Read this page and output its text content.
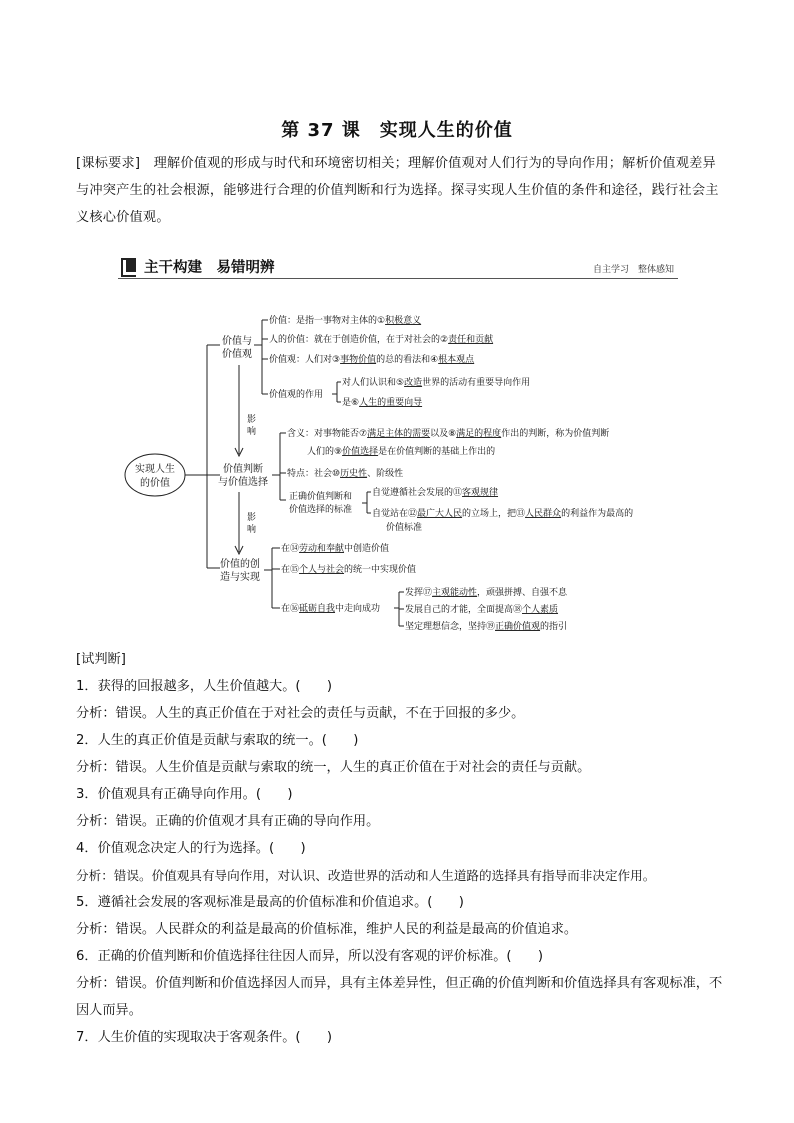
第 37 课　实现人生的价值
[课标要求]　理解价值观的形成与时代和环境密切相关；理解价值观对人们行为的导向作用；解析价值观差异与冲突产生的社会根源，能够进行合理的价值判断和行为选择。探寻实现人生价值的条件和途径，践行社会主义核心价值观。
主干构建　易错明辨	自主学习　整体感知
实现人生
的价值
价值与
价值观
价值：是指一事物对主体的①积极意义
人的价值：就在于创造价值，在于对社会的②责任和贡献
价值观：人们对③事物价值的总的看法和④根本观点
价值观的作用
对人们认识和⑤改造世界的活动有重要导向作用
是⑥人生的重要向导
影
响
价值判断
与价值选择
含义：对事物能否⑦满足主体的需要以及⑧满足的程度作出的判断，称为价值判断
人们的⑨价值选择是在价值判断的基础上作出的
特点：社会⑩历史性、阶级性
正确价值判断和
价值选择的标准
自觉遵循社会发展的⑪客观规律
自觉站在⑫最广大人民的立场上，把⑬人民群众的利益作为最高的
价值标准
影
响
价值的创
造与实现
在⑭劳动和奉献中创造价值
在⑮个人与社会的统一中实现价值
在⑯砥砺自我中走向成功
发挥⑰主观能动性，顽强拼搏、自强不息
发展自己的才能，全面提高⑱个人素质
坚定理想信念，坚持⑲正确价值观的指引

[试判断]

1．获得的回报越多，人生价值越大。(　　)

分析：错误。人生的真正价值在于对社会的责任与贡献，不在于回报的多少。

2．人生的真正价值是贡献与索取的统一。(　　)

分析：错误。人生价值是贡献与索取的统一，人生的真正价值在于对社会的责任与贡献。

3．价值观具有正确导向作用。(　　)

分析：错误。正确的价值观才具有正确的导向作用。

4．价值观念决定人的行为选择。(　　)

分析：错误。价值观具有导向作用，对认识、改造世界的活动和人生道路的选择具有指导而非决定作用。

5．遵循社会发展的客观标准是最高的价值标准和价值追求。(　　)

分析：错误。人民群众的利益是最高的价值标准，维护人民的利益是最高的价值追求。

6．正确的价值判断和价值选择往往因人而异，所以没有客观的评价标准。(　　)

分析：错误。价值判断和价值选择因人而异，具有主体差异性，但正确的价值判断和价值选择具有客观标准，不因人而异。

7．人生价值的实现取决于客观条件。(　　)
